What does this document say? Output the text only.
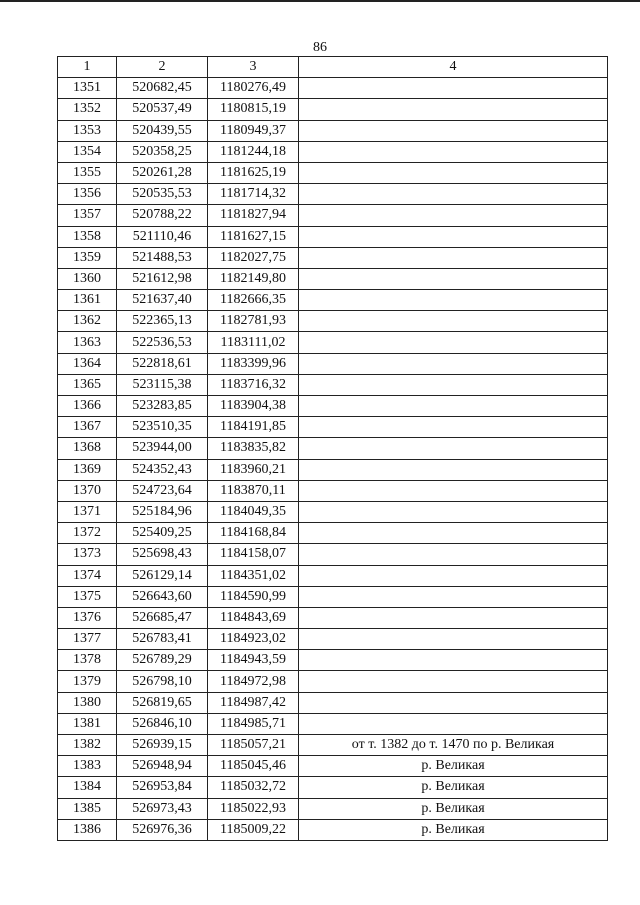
86
1	2	3	4
1351	520682,45	1180276,49	
1352	520537,49	1180815,19	
1353	520439,55	1180949,37	
1354	520358,25	1181244,18	
1355	520261,28	1181625,19	
1356	520535,53	1181714,32	
1357	520788,22	1181827,94	
1358	521110,46	1181627,15	
1359	521488,53	1182027,75	
1360	521612,98	1182149,80	
1361	521637,40	1182666,35	
1362	522365,13	1182781,93	
1363	522536,53	1183111,02	
1364	522818,61	1183399,96	
1365	523115,38	1183716,32	
1366	523283,85	1183904,38	
1367	523510,35	1184191,85	
1368	523944,00	1183835,82	
1369	524352,43	1183960,21	
1370	524723,64	1183870,11	
1371	525184,96	1184049,35	
1372	525409,25	1184168,84	
1373	525698,43	1184158,07	
1374	526129,14	1184351,02	
1375	526643,60	1184590,99	
1376	526685,47	1184843,69	
1377	526783,41	1184923,02	
1378	526789,29	1184943,59	
1379	526798,10	1184972,98	
1380	526819,65	1184987,42	
1381	526846,10	1184985,71	
1382	526939,15	1185057,21	от т. 1382 до т. 1470 по р. Великая
1383	526948,94	1185045,46	р. Великая
1384	526953,84	1185032,72	р. Великая
1385	526973,43	1185022,93	р. Великая
1386	526976,36	1185009,22	р. Великая
